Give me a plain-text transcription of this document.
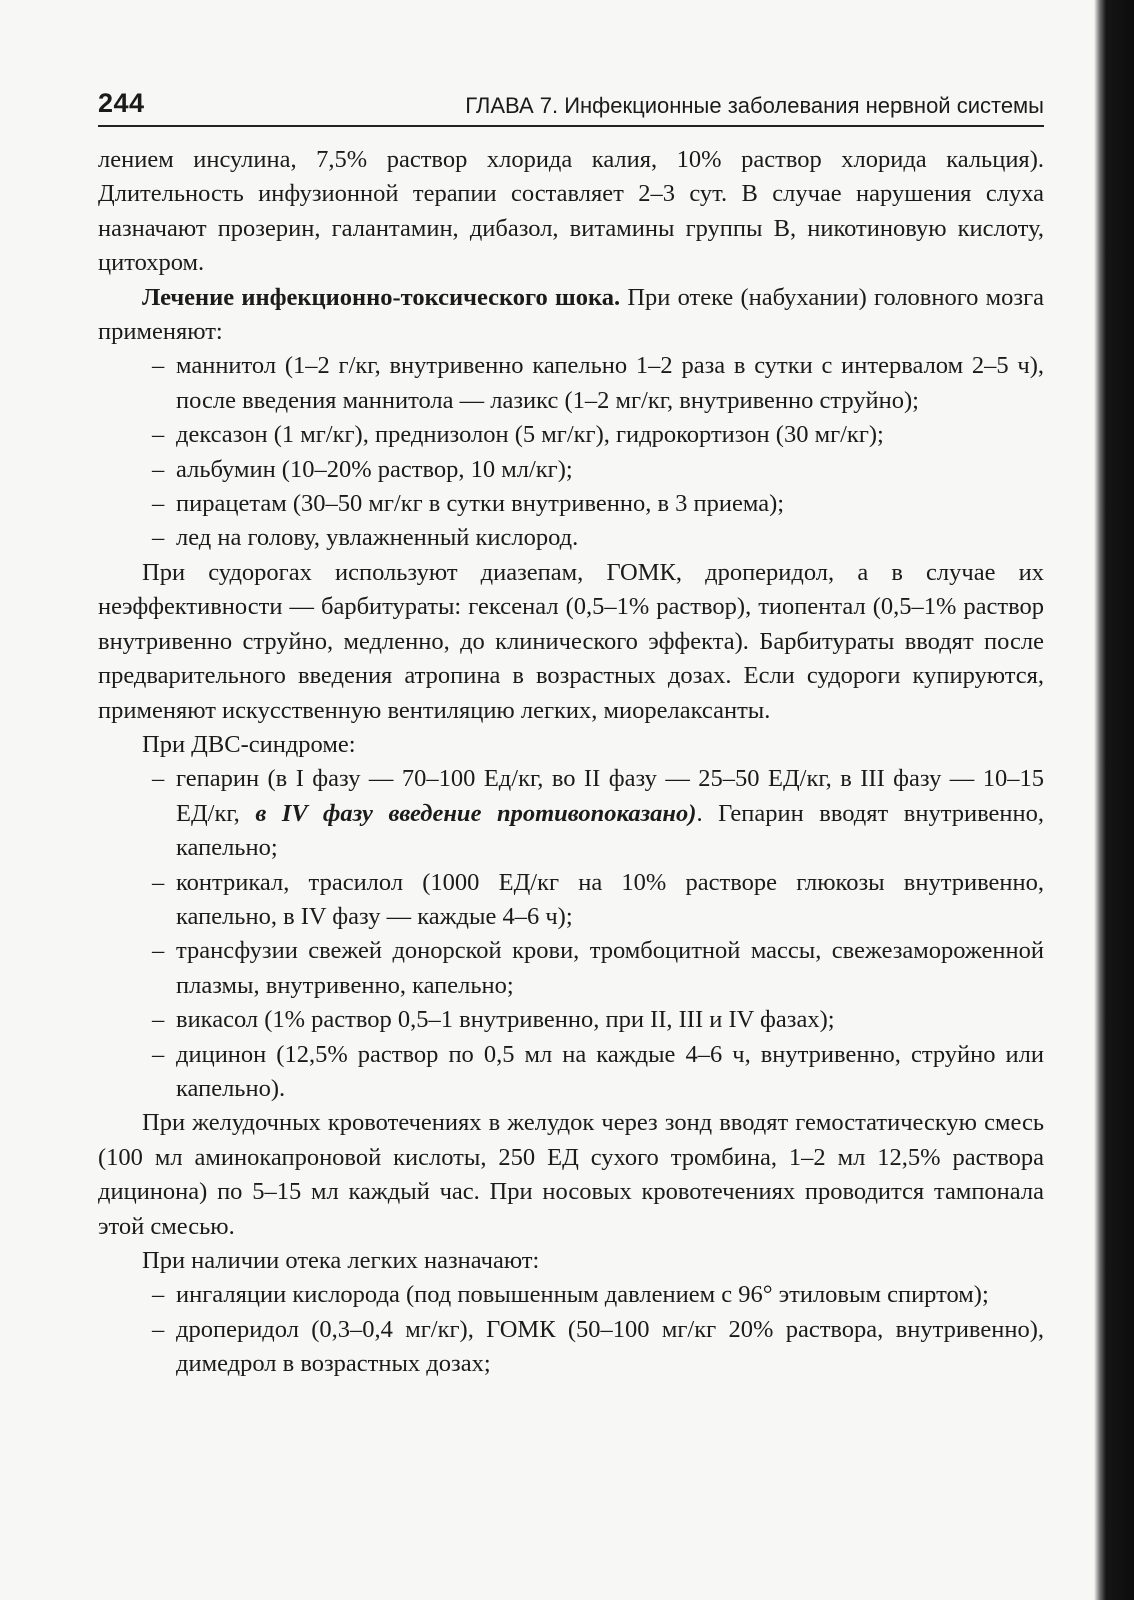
244	ГЛАВА 7. Инфекционные заболевания нервной системы

лением инсулина, 7,5% раствор хлорида калия, 10% раствор хлорида кальция). Длительность инфузионной терапии составляет 2–3 сут. В случае нарушения слуха назначают прозерин, галантамин, дибазол, витамины группы В, никотиновую кислоту, цитохром.

Лечение инфекционно-токсического шока. При отеке (набухании) головного мозга применяют:

– маннитол (1–2 г/кг, внутривенно капельно 1–2 раза в сутки с интервалом 2–5 ч), после введения маннитола — лазикс (1–2 мг/кг, внутривенно струйно);
– дексазон (1 мг/кг), преднизолон (5 мг/кг), гидрокортизон (30 мг/кг);
– альбумин (10–20% раствор, 10 мл/кг);
– пирацетам (30–50 мг/кг в сутки внутривенно, в 3 приема);
– лед на голову, увлажненный кислород.

При судорогах используют диазепам, ГОМК, дроперидол, а в случае их неэффективности — барбитураты: гексенал (0,5–1% раствор), тиопентал (0,5–1% раствор внутривенно струйно, медленно, до клинического эффекта). Барбитураты вводят после предварительного введения атропина в возрастных дозах. Если судороги купируются, применяют искусственную вентиляцию легких, миорелаксанты.

При ДВС-синдроме:

– гепарин (в I фазу — 70–100 Ед/кг, во II фазу — 25–50 ЕД/кг, в III фазу — 10–15 ЕД/кг, в IV фазу введение противопоказано). Гепарин вводят внутривенно, капельно;
– контрикал, трасилол (1000 ЕД/кг на 10% растворе глюкозы внутривенно, капельно, в IV фазу — каждые 4–6 ч);
– трансфузии свежей донорской крови, тромбоцитной массы, свежезамороженной плазмы, внутривенно, капельно;
– викасол (1% раствор 0,5–1 внутривенно, при II, III и IV фазах);
– дицинон (12,5% раствор по 0,5 мл на каждые 4–6 ч, внутривенно, струйно или капельно).

При желудочных кровотечениях в желудок через зонд вводят гемостатическую смесь (100 мл аминокапроновой кислоты, 250 ЕД сухого тромбина, 1–2 мл 12,5% раствора дицинона) по 5–15 мл каждый час. При носовых кровотечениях проводится тампонала этой смесью.

При наличии отека легких назначают:

– ингаляции кислорода (под повышенным давлением с 96° этиловым спиртом);
– дроперидол (0,3–0,4 мг/кг), ГОМК (50–100 мг/кг 20% раствора, внутривенно), димедрол в возрастных дозах;
